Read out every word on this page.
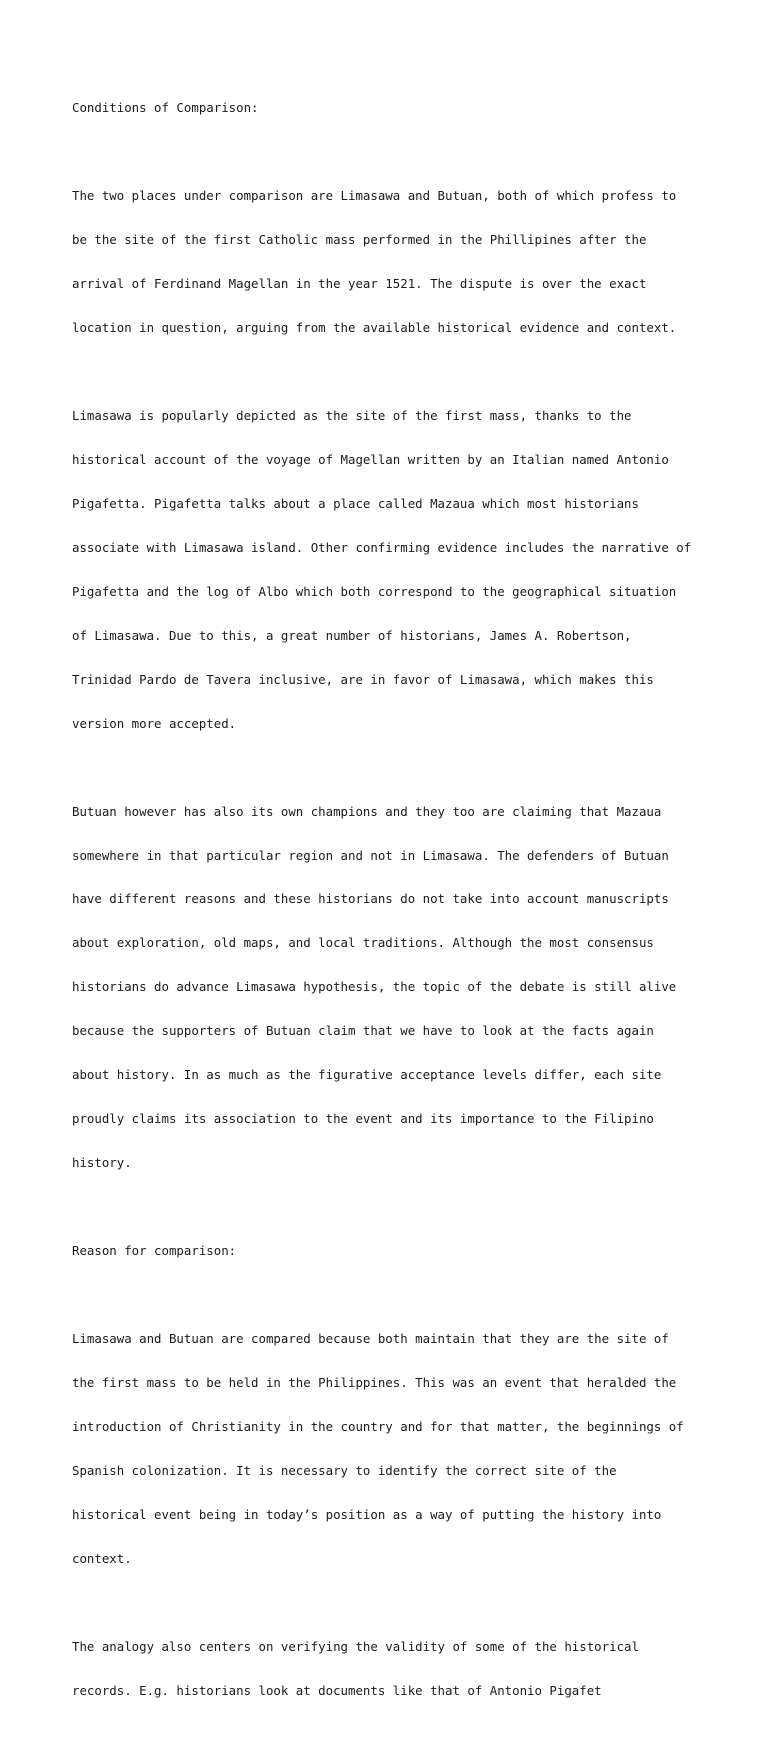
Conditions of Comparison:

The two places under comparison are Limasawa and Butuan, both of which profess to

be the site of the first Catholic mass performed in the Phillipines after the

arrival of Ferdinand Magellan in the year 1521. The dispute is over the exact

location in question, arguing from the available historical evidence and context.

Limasawa is popularly depicted as the site of the first mass, thanks to the

historical account of the voyage of Magellan written by an Italian named Antonio

Pigafetta. Pigafetta talks about a place called Mazaua which most historians

associate with Limasawa island. Other confirming evidence includes the narrative of

Pigafetta and the log of Albo which both correspond to the geographical situation

of Limasawa. Due to this, a great number of historians, James A. Robertson,

Trinidad Pardo de Tavera inclusive, are in favor of Limasawa, which makes this

version more accepted.

Butuan however has also its own champions and they too are claiming that Mazaua

somewhere in that particular region and not in Limasawa. The defenders of Butuan

have different reasons and these historians do not take into account manuscripts

about exploration, old maps, and local traditions. Although the most consensus

historians do advance Limasawa hypothesis, the topic of the debate is still alive

because the supporters of Butuan claim that we have to look at the facts again

about history. In as much as the figurative acceptance levels differ, each site

proudly claims its association to the event and its importance to the Filipino

history.

Reason for comparison:

Limasawa and Butuan are compared because both maintain that they are the site of

the first mass to be held in the Philippines. This was an event that heralded the

introduction of Christianity in the country and for that matter, the beginnings of

Spanish colonization. It is necessary to identify the correct site of the

historical event being in today’s position as a way of putting the history into

context.

The analogy also centers on verifying the validity of some of the historical

records. E.g. historians look at documents like that of Antonio Pigafet
